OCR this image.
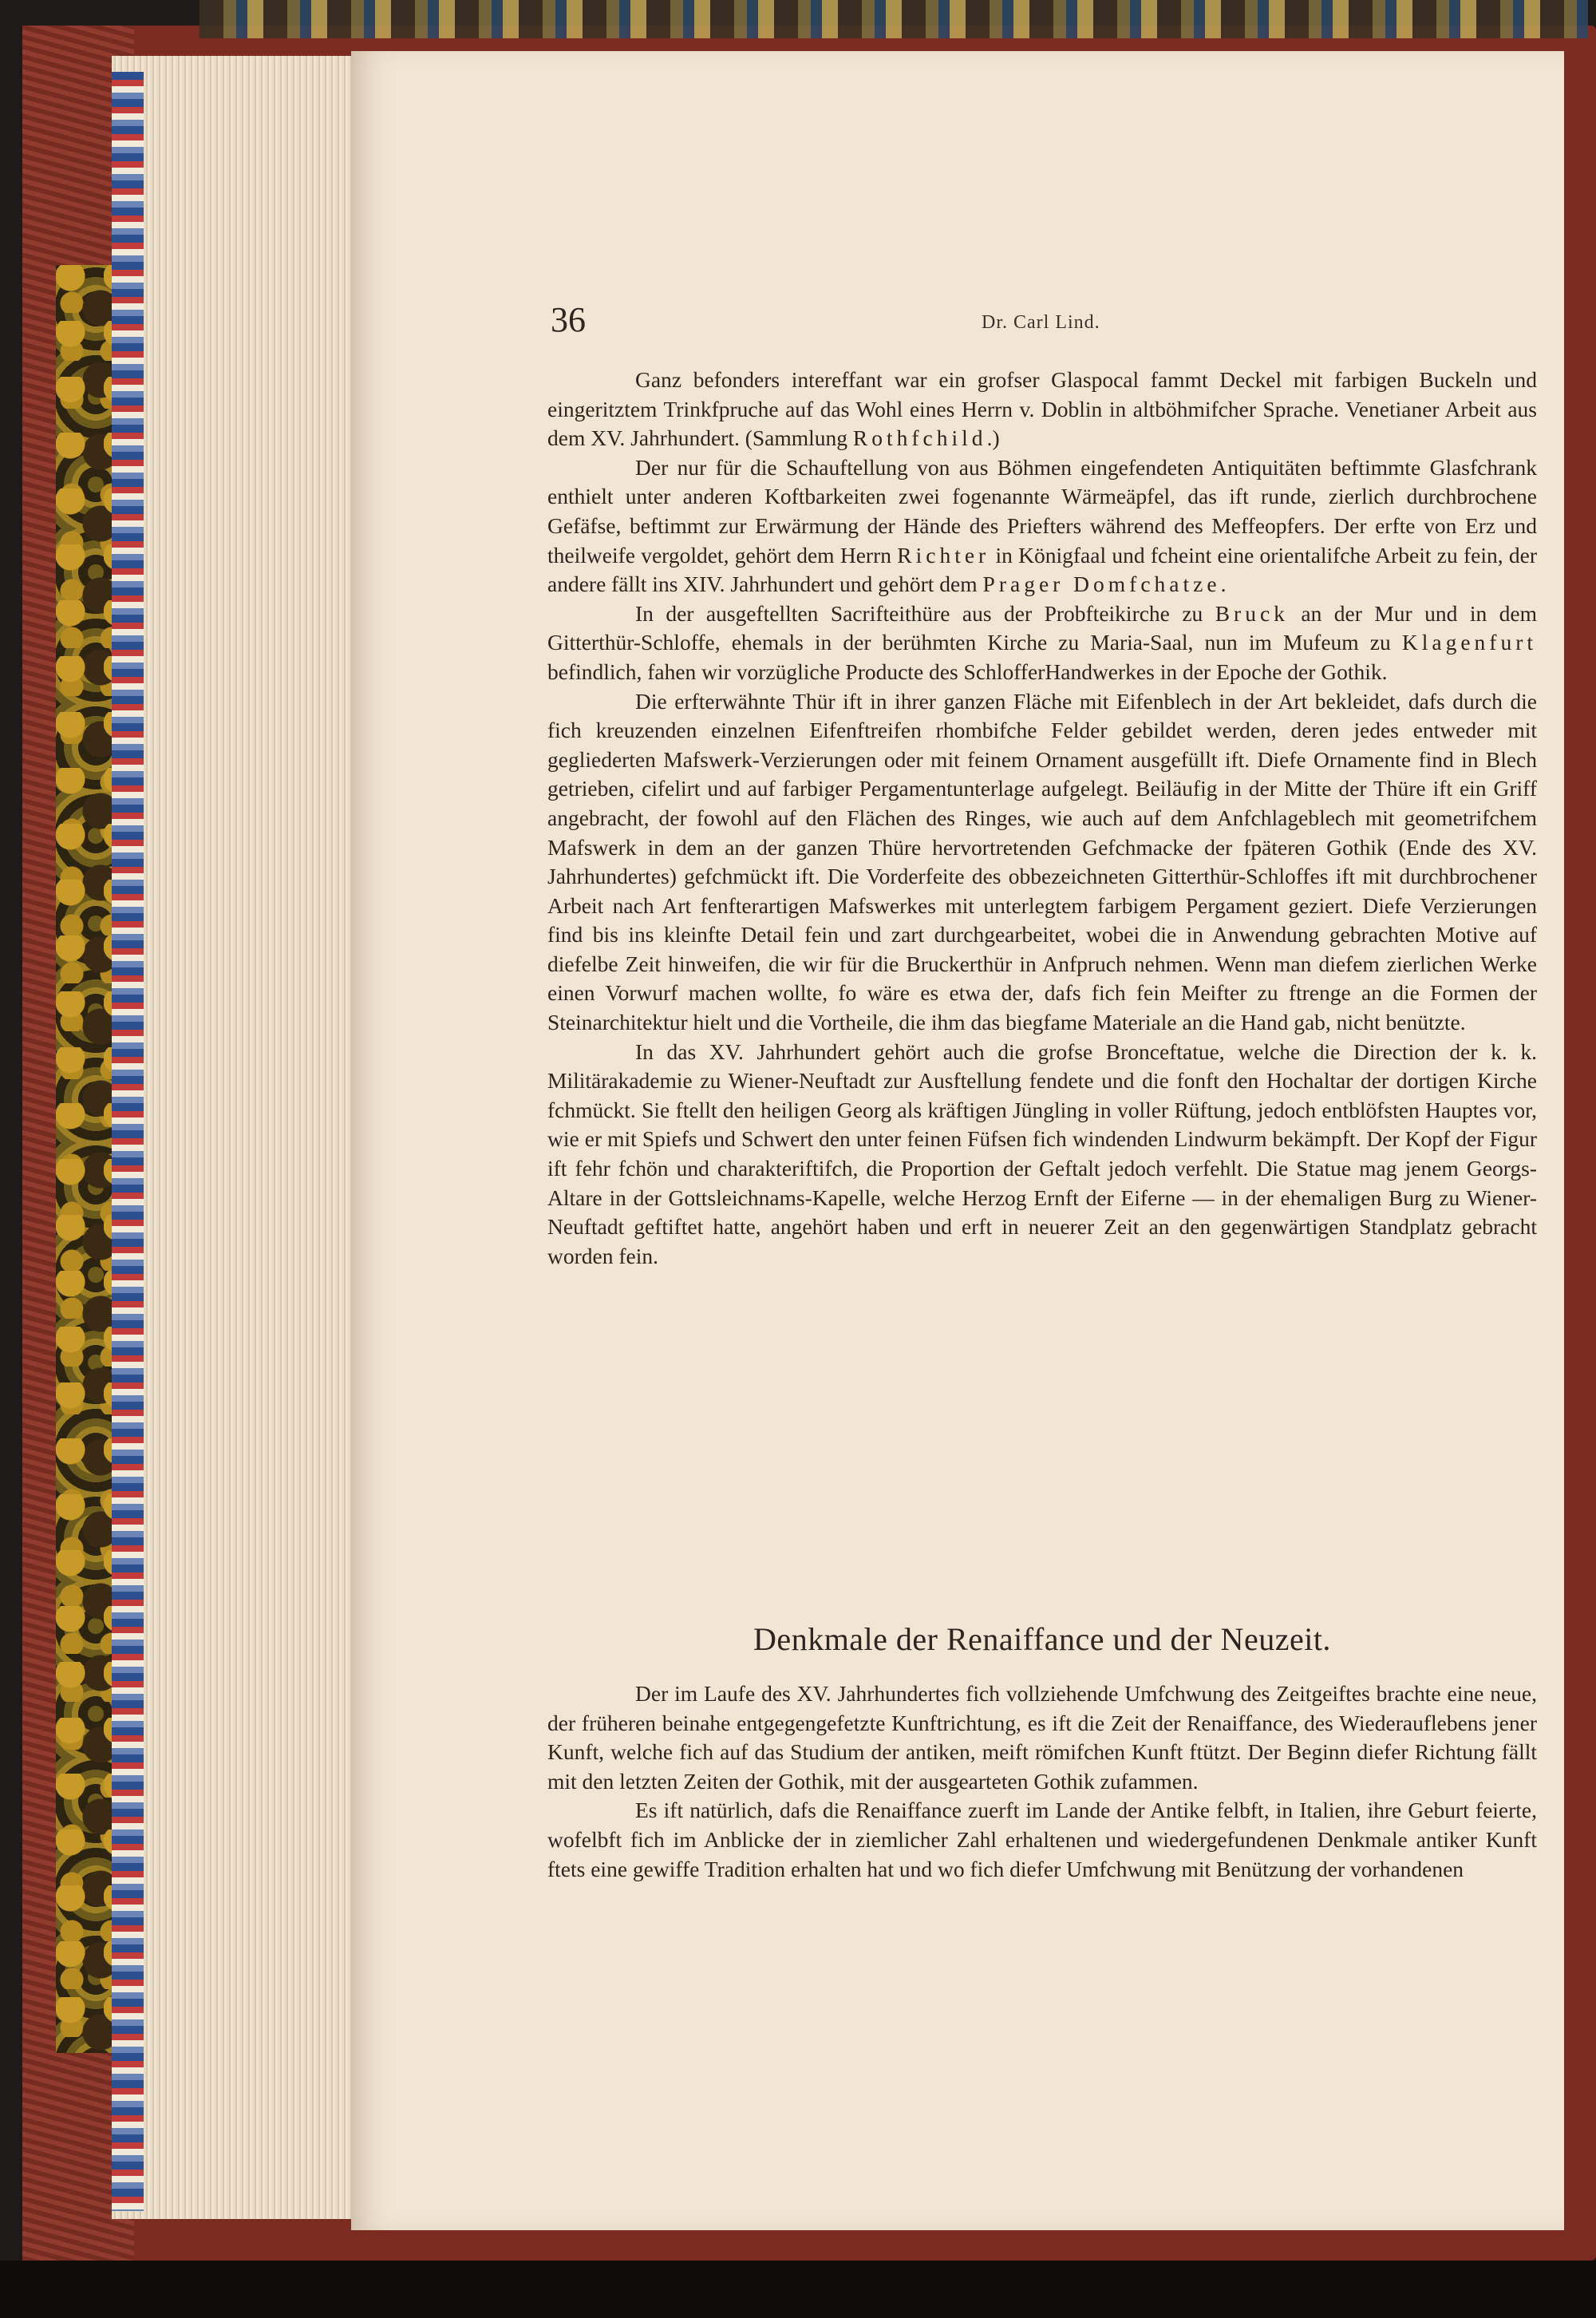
36	Dr. Carl Lind.

Ganz befonders intereffant war ein grofser Glaspocal fammt Deckel mit farbigen Buckeln und eingeritztem Trinkfpruche auf das Wohl eines Herrn v. Doblin in altböhmifcher Sprache. Venetianer Arbeit aus dem XV. Jahrhundert. (Sammlung Rothfchild.)

Der nur für die Schauftellung von aus Böhmen eingefendeten Antiquitäten beftimmte Glasfchrank enthielt unter anderen Koftbarkeiten zwei fogenannte Wärmeäpfel, das ift runde, zierlich durchbrochene Gefäfse, beftimmt zur Erwärmung der Hände des Priefters während des Meffeopfers. Der erfte von Erz und theilweife vergoldet, gehört dem Herrn Richter in Königfaal und fcheint eine orientalifche Arbeit zu fein, der andere fällt ins XIV. Jahrhundert und gehört dem Prager Domfchatze.

In der ausgeftellten Sacrifteithüre aus der Probfteikirche zu Bruck an der Mur und in dem Gitterthür-Schloffe, ehemals in der berühmten Kirche zu Maria-Saal, nun im Mufeum zu Klagenfurt befindlich, fahen wir vorzügliche Producte des SchlofferHandwerkes in der Epoche der Gothik.

Die erfterwähnte Thür ift in ihrer ganzen Fläche mit Eifenblech in der Art bekleidet, dafs durch die fich kreuzenden einzelnen Eifenftreifen rhombifche Felder gebildet werden, deren jedes entweder mit gegliederten Mafswerk-Verzierungen oder mit feinem Ornament ausgefüllt ift. Diefe Ornamente find in Blech getrieben, cifelirt und auf farbiger Pergamentunterlage aufgelegt. Beiläufig in der Mitte der Thüre ift ein Griff angebracht, der fowohl auf den Flächen des Ringes, wie auch auf dem Anfchlageblech mit geometrifchem Mafswerk in dem an der ganzen Thüre hervortretenden Gefchmacke der fpäteren Gothik (Ende des XV. Jahrhundertes) gefchmückt ift. Die Vorderfeite des obbezeichneten Gitterthür-Schloffes ift mit durchbrochener Arbeit nach Art fenfterartigen Mafswerkes mit unterlegtem farbigem Pergament geziert. Diefe Verzierungen find bis ins kleinfte Detail fein und zart durchgearbeitet, wobei die in Anwendung gebrachten Motive auf diefelbe Zeit hinweifen, die wir für die Bruckerthür in Anfpruch nehmen. Wenn man diefem zierlichen Werke einen Vorwurf machen wollte, fo wäre es etwa der, dafs fich fein Meifter zu ftrenge an die Formen der Steinarchitektur hielt und die Vortheile, die ihm das biegfame Materiale an die Hand gab, nicht benützte.

In das XV. Jahrhundert gehört auch die grofse Bronceftatue, welche die Direction der k. k. Militärakademie zu Wiener-Neuftadt zur Ausftellung fendete und die fonft den Hochaltar der dortigen Kirche fchmückt. Sie ftellt den heiligen Georg als kräftigen Jüngling in voller Rüftung, jedoch entblöfsten Hauptes vor, wie er mit Spiefs und Schwert den unter feinen Füfsen fich windenden Lindwurm bekämpft. Der Kopf der Figur ift fehr fchön und charakteriftifch, die Proportion der Geftalt jedoch verfehlt. Die Statue mag jenem Georgs-Altare in der Gottsleichnams-Kapelle, welche Herzog Ernft der Eiferne — in der ehemaligen Burg zu Wiener-Neuftadt geftiftet hatte, angehört haben und erft in neuerer Zeit an den gegenwärtigen Standplatz gebracht worden fein.

Denkmale der Renaiffance und der Neuzeit.

Der im Laufe des XV. Jahrhundertes fich vollziehende Umfchwung des Zeitgeiftes brachte eine neue, der früheren beinahe entgegengefetzte Kunftrichtung, es ift die Zeit der Renaiffance, des Wiederauflebens jener Kunft, welche fich auf das Studium der antiken, meift römifchen Kunft ftützt. Der Beginn diefer Richtung fällt mit den letzten Zeiten der Gothik, mit der ausgearteten Gothik zufammen.

Es ift natürlich, dafs die Renaiffance zuerft im Lande der Antike felbft, in Italien, ihre Geburt feierte, wofelbft fich im Anblicke der in ziemlicher Zahl erhaltenen und wiedergefundenen Denkmale antiker Kunft ftets eine gewiffe Tradition erhalten hat und wo fich diefer Umfchwung mit Benützung der vorhandenen
